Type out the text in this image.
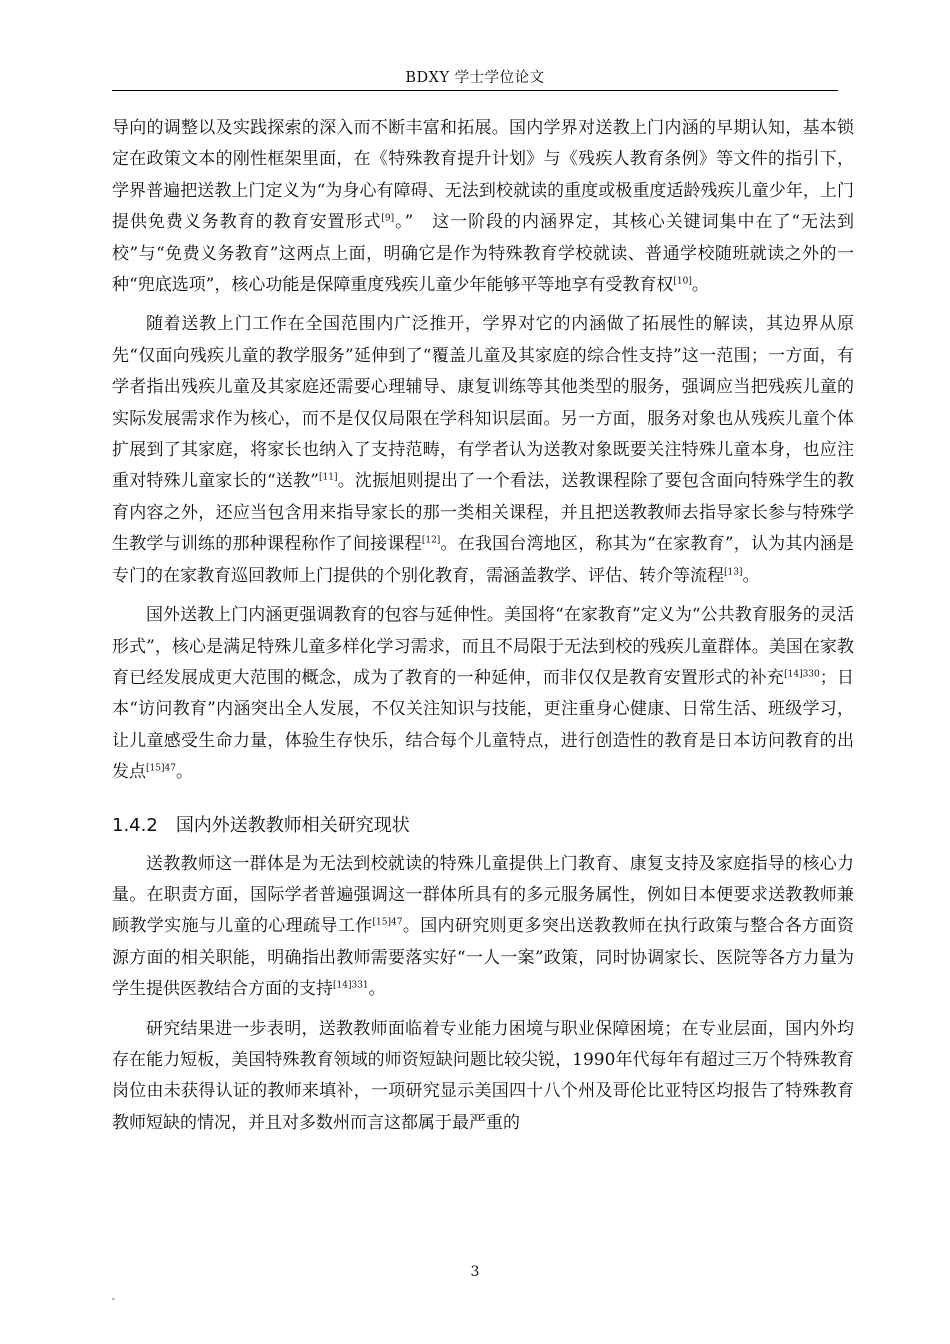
BDXY 学士学位论文

导向的调整以及实践探索的深入而不断丰富和拓展。国内学界对送教上门内涵的早期认知，基本锁定在政策文本的刚性框架里面，在《特殊教育提升计划》与《残疾人教育条例》等文件的指引下，学界普遍把送教上门定义为“为身心有障碍、无法到校就读的重度或极重度适龄残疾儿童少年，上门提供免费义务教育的教育安置形式[9]。”　这一阶段的内涵界定，其核心关键词集中在了“无法到校”与“免费义务教育”这两点上面，明确它是作为特殊教育学校就读、普通学校随班就读之外的一种“兜底选项”，核心功能是保障重度残疾儿童少年能够平等地享有受教育权[10]。

随着送教上门工作在全国范围内广泛推开，学界对它的内涵做了拓展性的解读，其边界从原先“仅面向残疾儿童的教学服务”延伸到了“覆盖儿童及其家庭的综合性支持”这一范围；一方面，有学者指出残疾儿童及其家庭还需要心理辅导、康复训练等其他类型的服务，强调应当把残疾儿童的实际发展需求作为核心，而不是仅仅局限在学科知识层面。另一方面，服务对象也从残疾儿童个体扩展到了其家庭，将家长也纳入了支持范畴，有学者认为送教对象既要关注特殊儿童本身，也应注重对特殊儿童家长的“送教”[11]。沈振旭则提出了一个看法，送教课程除了要包含面向特殊学生的教育内容之外，还应当包含用来指导家长的那一类相关课程，并且把送教教师去指导家长参与特殊学生教学与训练的那种课程称作了间接课程[12]。在我国台湾地区，称其为“在家教育”，认为其内涵是专门的在家教育巡回教师上门提供的个别化教育，需涵盖教学、评估、转介等流程[13]。

国外送教上门内涵更强调教育的包容与延伸性。美国将“在家教育”定义为“公共教育服务的灵活形式”，核心是满足特殊儿童多样化学习需求，而且不局限于无法到校的残疾儿童群体。美国在家教育已经发展成更大范围的概念，成为了教育的一种延伸，而非仅仅是教育安置形式的补充$^{[14]330}$；日本“访问教育”内涵突出全人发展，不仅关注知识与技能，更注重身心健康、日常生活、班级学习，让儿童感受生命力量，体验生存快乐，结合每个儿童特点，进行创造性的教育是日本访问教育的出发点$^{[15]47}$。

1.4.2 国内外送教教师相关研究现状

送教教师这一群体是为无法到校就读的特殊儿童提供上门教育、康复支持及家庭指导的核心力量。在职责方面，国际学者普遍强调这一群体所具有的多元服务属性，例如日本便要求送教教师兼顾教学实施与儿童的心理疏导工作$^{[15]47}$。国内研究则更多突出送教教师在执行政策与整合各方面资源方面的相关职能，明确指出教师需要落实好“一人一案”政策，同时协调家长、医院等各方力量为学生提供医教结合方面的支持$^{[14]331}$。

研究结果进一步表明，送教教师面临着专业能力困境与职业保障困境；在专业层面，国内外均存在能力短板，美国特殊教育领域的师资短缺问题比较尖锐，1990年代每年有超过三万个特殊教育岗位由未获得认证的教师来填补，一项研究显示美国四十八个州及哥伦比亚特区均报告了特殊教育教师短缺的情况，并且对多数州而言这都属于最严重的

3
